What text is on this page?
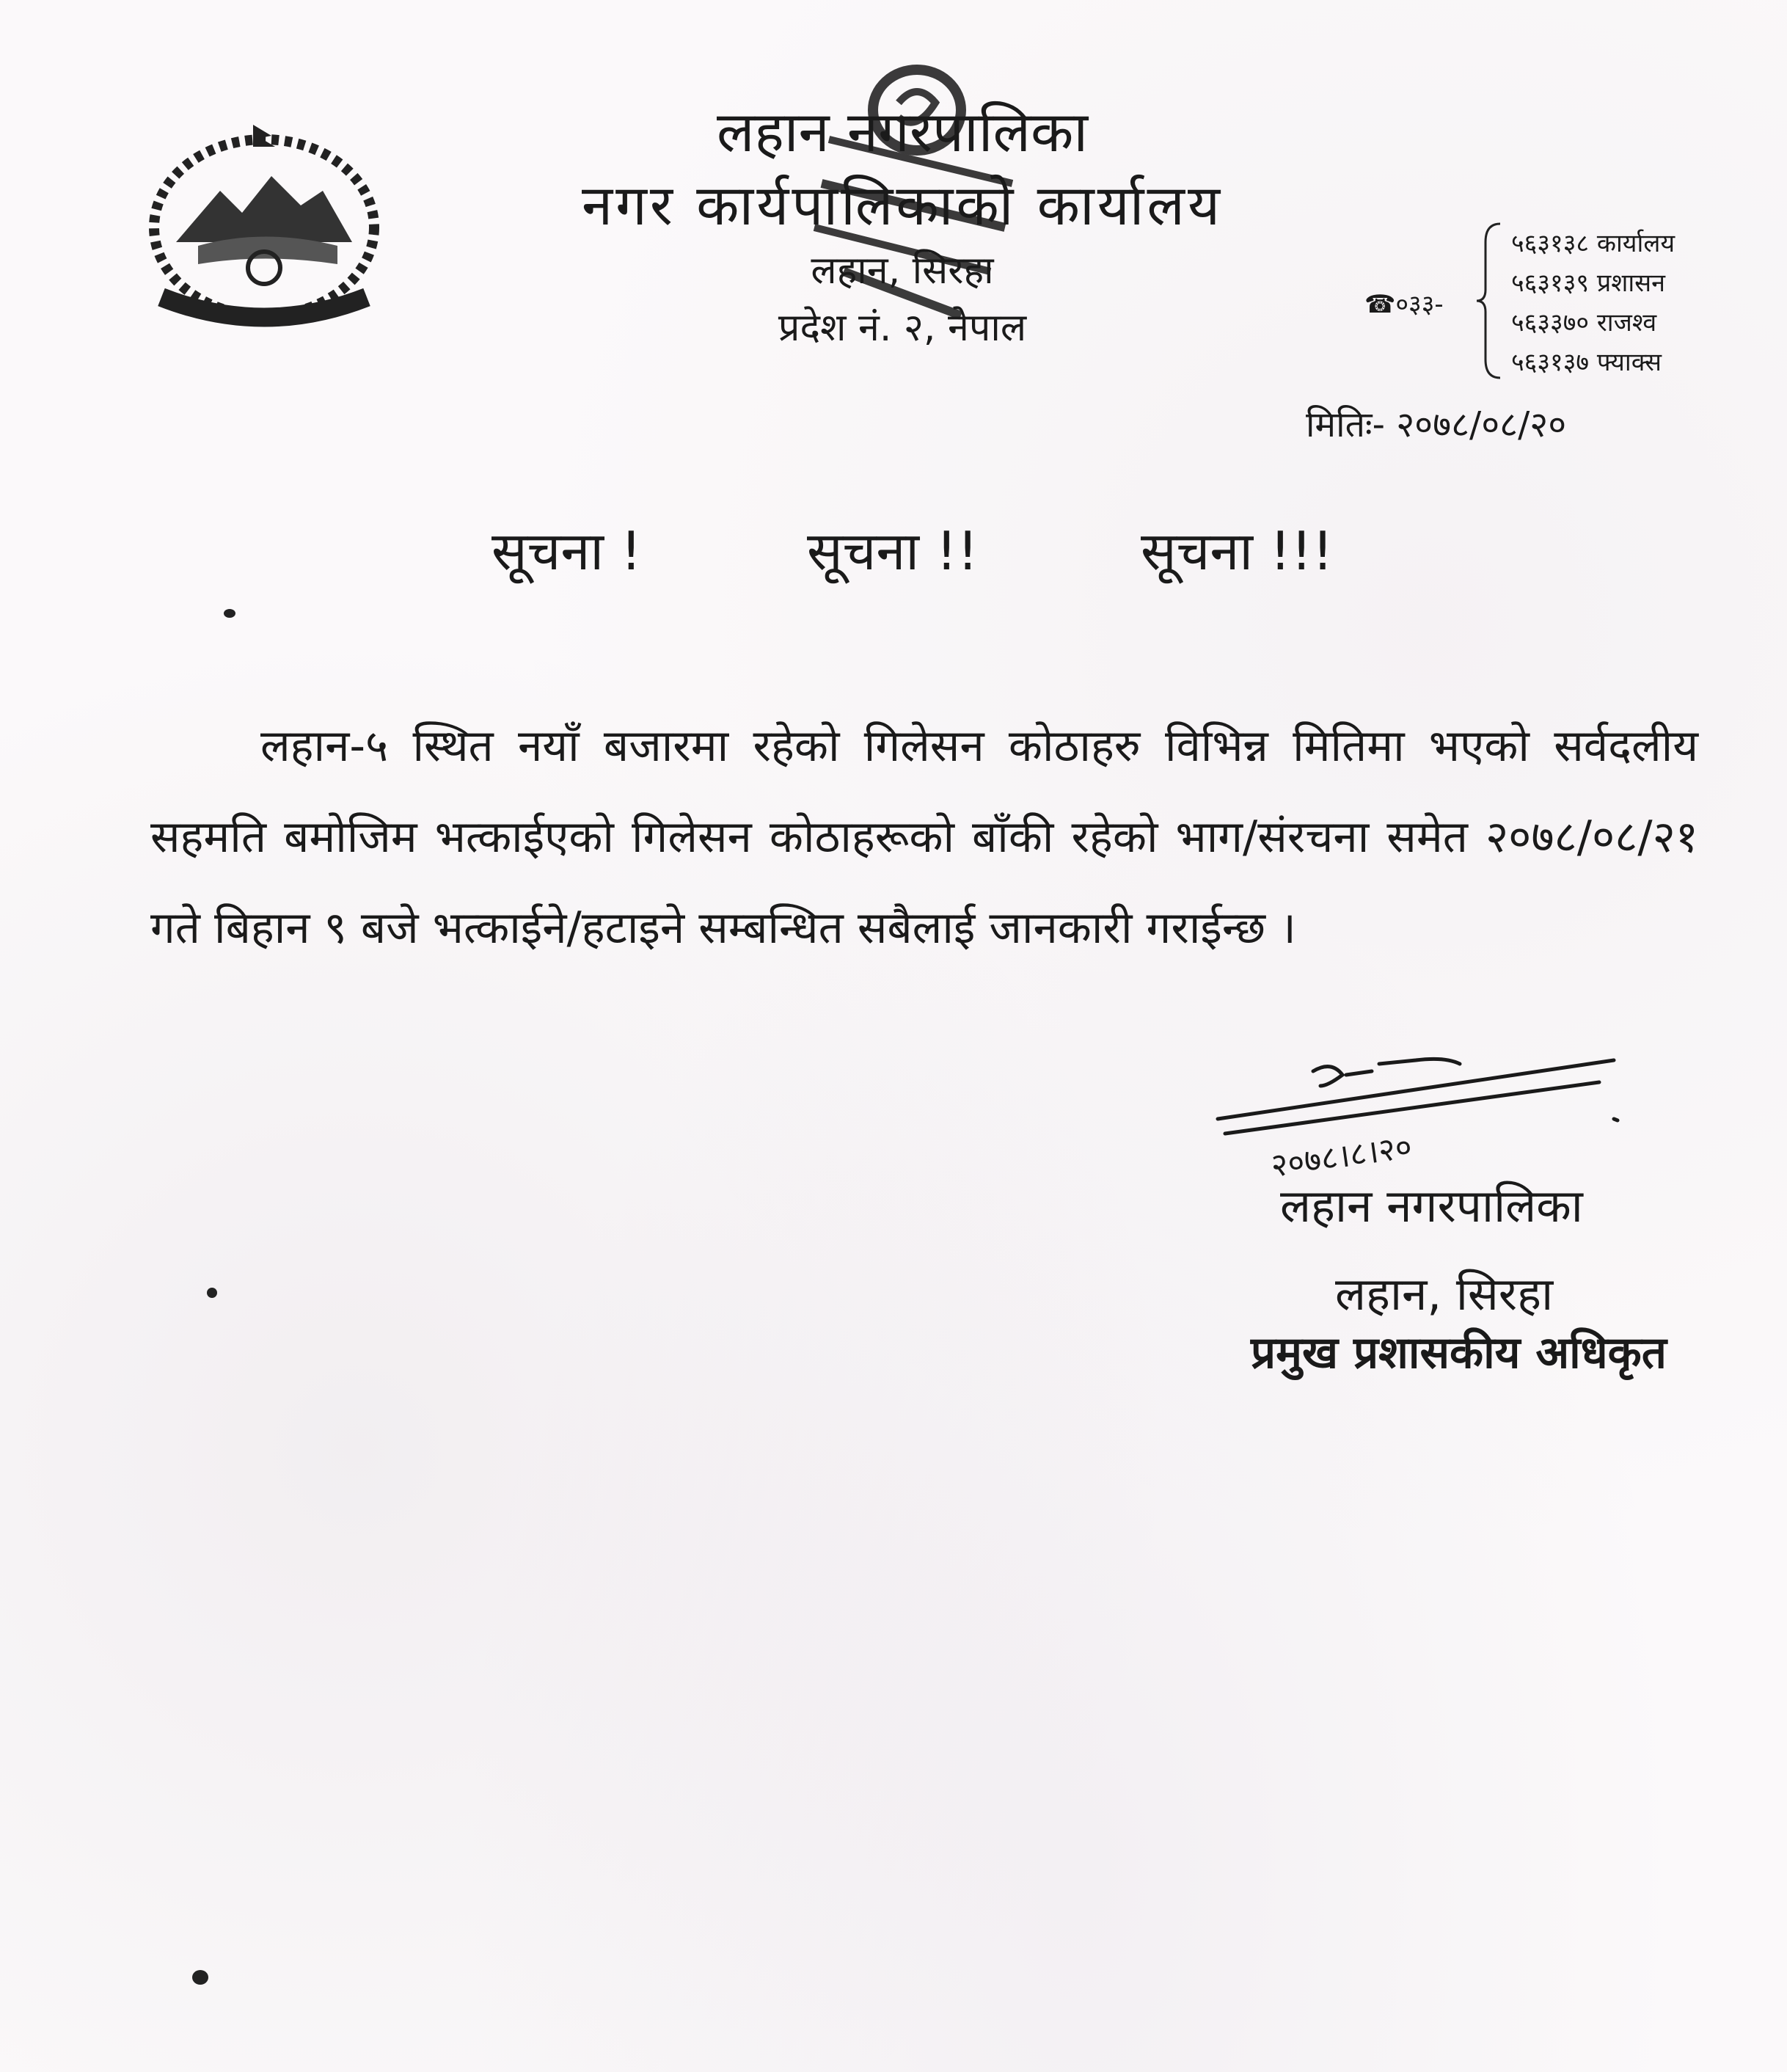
लहान नगरपालिका
नगर कार्यपालिकाको कार्यालय
लहान, सिरहा
प्रदेश नं. २, नेपाल
☎०३३-
५६३१३८ कार्यालय
५६३१३९ प्रशासन
५६३३७० राजश्व
५६३१३७ फ्याक्स
मितिः- २०७८/०८/२०
सूचना !	सूचना !!	सूचना !!!
लहान-५ स्थित नयाँ बजारमा रहेको गिलेसन कोठाहरु विभिन्न मितिमा भएको सर्वदलीय सहमति बमोजिम भत्काईएको गिलेसन कोठाहरूको बाँकी रहेको भाग/संरचना समेत २०७८/०८/२१ गते बिहान ९ बजे भत्काईने/हटाइने सम्बन्धित सबैलाई जानकारी गराईन्छ ।
२०७८।८।२०
लहान नगरपालिका
लहान, सिरहा
प्रमुख प्रशासकीय अधिकृत
